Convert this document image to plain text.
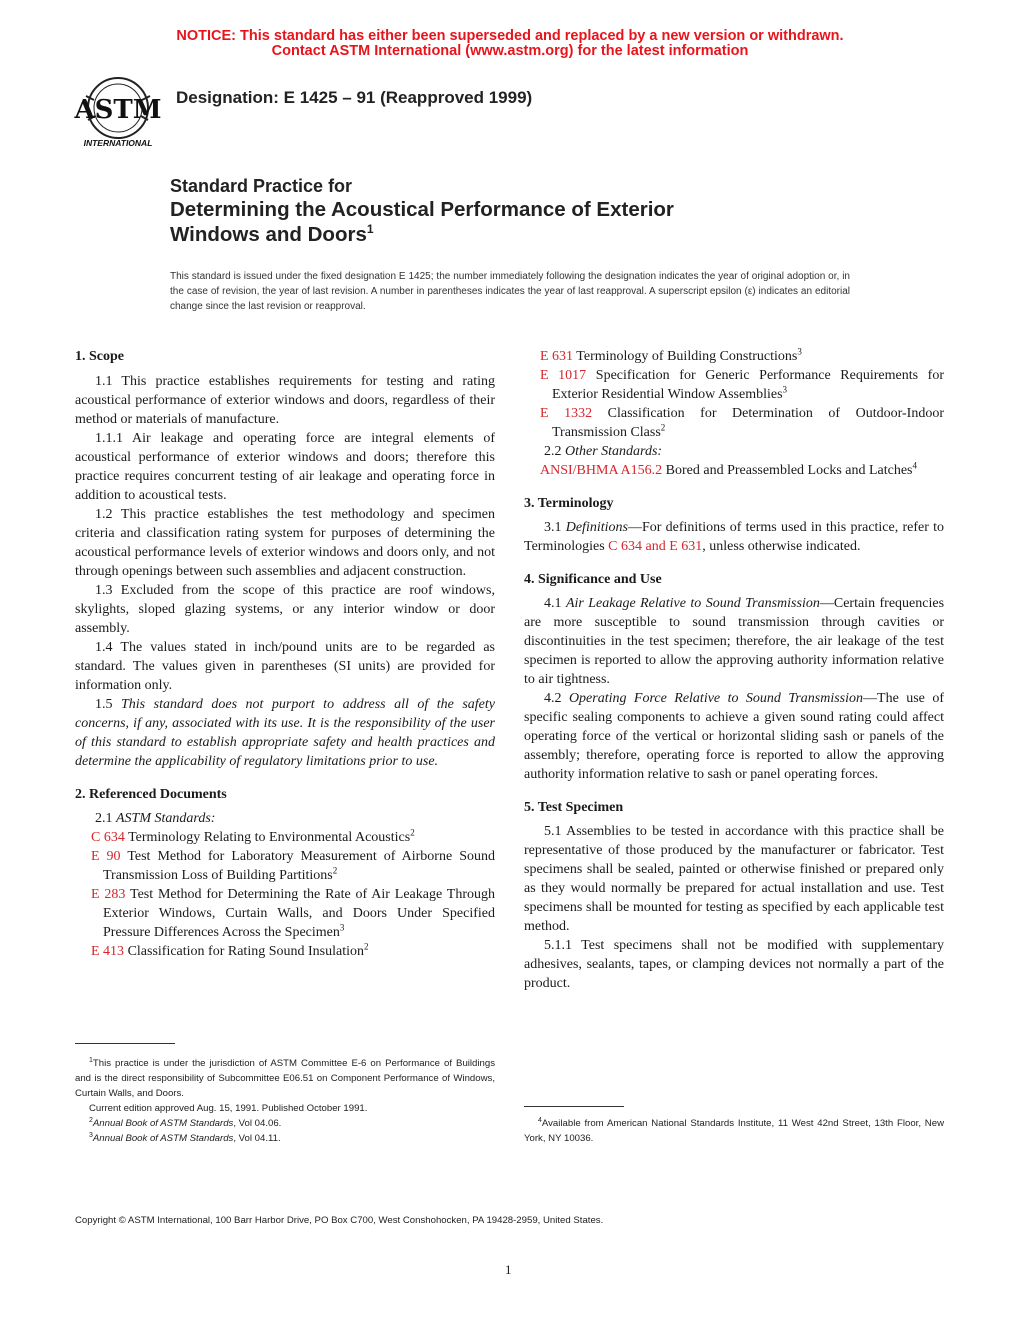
NOTICE: This standard has either been superseded and replaced by a new version or withdrawn.
Contact ASTM International (www.astm.org) for the latest information
ASTM
INTERNATIONAL
Designation: E 1425 – 91 (Reapproved 1999)
Standard Practice for
Determining the Acoustical Performance of Exterior
Windows and Doors$^1$
This standard is issued under the fixed designation E 1425; the number immediately following the designation indicates the year of original adoption or, in the case of revision, the year of last revision. A number in parentheses indicates the year of last reapproval. A superscript epsilon (ε) indicates an editorial change since the last revision or reapproval.

1. Scope

1.1 This practice establishes requirements for testing and rating acoustical performance of exterior windows and doors, regardless of their method or materials of manufacture.

1.1.1 Air leakage and operating force are integral elements of acoustical performance of exterior windows and doors; therefore this practice requires concurrent testing of air leakage and operating force in addition to acoustical tests.

1.2 This practice establishes the test methodology and specimen criteria and classification rating system for purposes of determining the acoustical performance levels of exterior windows and doors only, and not through openings between such assemblies and adjacent construction.

1.3 Excluded from the scope of this practice are roof windows, skylights, sloped glazing systems, or any interior window or door assembly.

1.4 The values stated in inch/pound units are to be regarded as standard. The values given in parentheses (SI units) are provided for information only.

1.5 This standard does not purport to address all of the safety concerns, if any, associated with its use. It is the responsibility of the user of this standard to establish appropriate safety and health practices and determine the applicability of regulatory limitations prior to use.

2. Referenced Documents

2.1 ASTM Standards:

C 634 Terminology Relating to Environmental Acoustics$^2$

E 90 Test Method for Laboratory Measurement of Airborne Sound Transmission Loss of Building Partitions$^2$

E 283 Test Method for Determining the Rate of Air Leakage Through Exterior Windows, Curtain Walls, and Doors Under Specified Pressure Differences Across the Specimen$^3$

E 413 Classification for Rating Sound Insulation$^2$

$^1$This practice is under the jurisdiction of ASTM Committee E-6 on Performance of Buildings and is the direct responsibility of Subcommittee E06.51 on Component Performance of Windows, Curtain Walls, and Doors.

Current edition approved Aug. 15, 1991. Published October 1991.

$^2$Annual Book of ASTM Standards, Vol 04.06.

$^3$Annual Book of ASTM Standards, Vol 04.11.

E 631 Terminology of Building Constructions$^3$

E 1017 Specification for Generic Performance Requirements for Exterior Residential Window Assemblies$^3$

E 1332 Classification for Determination of Outdoor-Indoor Transmission Class$^2$

2.2 Other Standards:

ANSI/BHMA A156.2 Bored and Preassembled Locks and Latches$^4$

3. Terminology

3.1 Definitions—For definitions of terms used in this practice, refer to Terminologies C 634 and E 631, unless otherwise indicated.

4. Significance and Use

4.1 Air Leakage Relative to Sound Transmission—Certain frequencies are more susceptible to sound transmission through cavities or discontinuities in the test specimen; therefore, the air leakage of the test specimen is reported to allow the approving authority information relative to air tightness.

4.2 Operating Force Relative to Sound Transmission—The use of specific sealing components to achieve a given sound rating could affect operating force of the vertical or horizontal sliding sash or panels of the assembly; therefore, operating force is reported to allow the approving authority information relative to sash or panel operating forces.

5. Test Specimen

5.1 Assemblies to be tested in accordance with this practice shall be representative of those produced by the manufacturer or fabricator. Test specimens shall be sealed, painted or otherwise finished or prepared only as they would normally be prepared for actual installation and use. Test specimens shall be mounted for testing as specified by each applicable test method.

5.1.1 Test specimens shall not be modified with supplementary adhesives, sealants, tapes, or clamping devices not normally a part of the product.

$^4$Available from American National Standards Institute, 11 West 42nd Street, 13th Floor, New York, NY 10036.

Copyright © ASTM International, 100 Barr Harbor Drive, PO Box C700, West Conshohocken, PA 19428-2959, United States.
1
